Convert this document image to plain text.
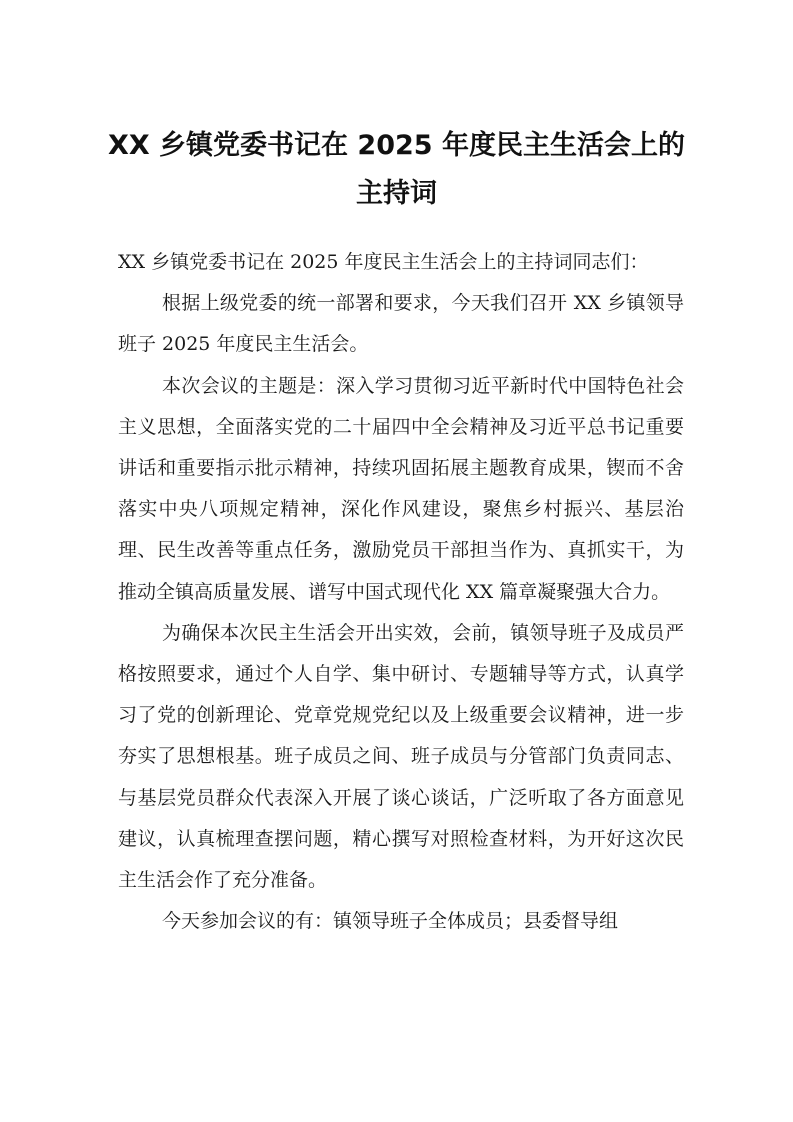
XX 乡镇党委书记在 2025 年度民主生活会上的主持词

XX 乡镇党委书记在 2025 年度民主生活会上的主持词同志们：

根据上级党委的统一部署和要求，今天我们召开 XX 乡镇领导班子 2025 年度民主生活会。

本次会议的主题是：深入学习贯彻习近平新时代中国特色社会主义思想，全面落实党的二十届四中全会精神及习近平总书记重要讲话和重要指示批示精神，持续巩固拓展主题教育成果，锲而不舍落实中央八项规定精神，深化作风建设，聚焦乡村振兴、基层治理、民生改善等重点任务，激励党员干部担当作为、真抓实干，为推动全镇高质量发展、谱写中国式现代化 XX 篇章凝聚强大合力。

为确保本次民主生活会开出实效，会前，镇领导班子及成员严格按照要求，通过个人自学、集中研讨、专题辅导等方式，认真学习了党的创新理论、党章党规党纪以及上级重要会议精神，进一步夯实了思想根基。班子成员之间、班子成员与分管部门负责同志、与基层党员群众代表深入开展了谈心谈话，广泛听取了各方面意见建议，认真梳理查摆问题，精心撰写对照检查材料，为开好这次民主生活会作了充分准备。

今天参加会议的有：镇领导班子全体成员；县委督导组
